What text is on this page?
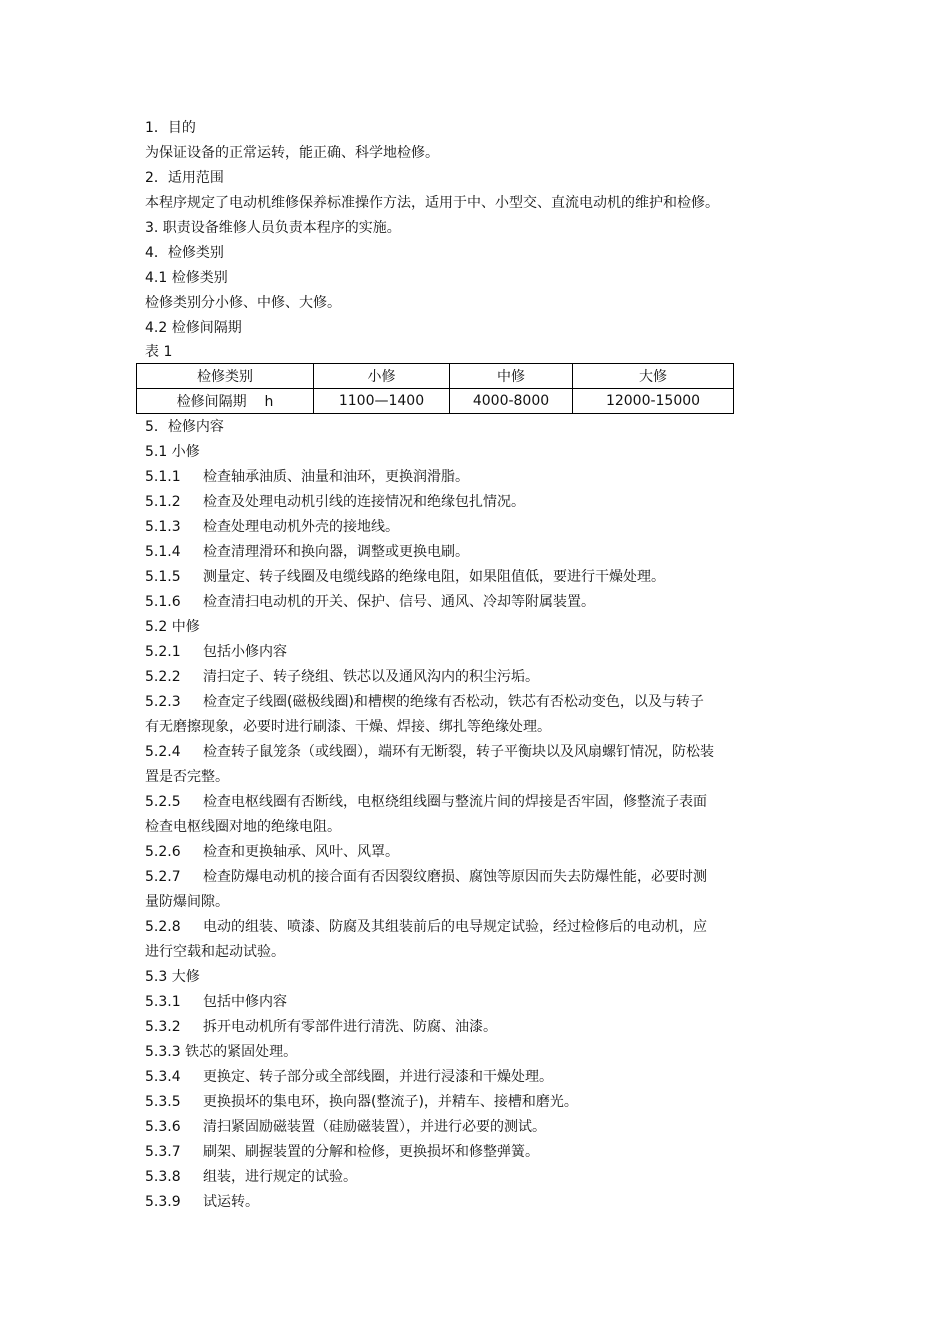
1．目的
为保证设备的正常运转，能正确、科学地检修。
2．适用范围
本程序规定了电动机维修保养标准操作方法，适用于中、小型交、直流电动机的维护和检修。
3. 职责设备维修人员负责本程序的实施。
4．检修类别
4.1 检修类别
检修类别分小修、中修、大修。
4.2 检修间隔期
表 1
检修类别	小修	中修	大修
检修间隔期    h	1100—1400	4000-8000	12000-15000
5．检修内容
5.1 小修
5.1.1 检查轴承油质、油量和油环，更换润滑脂。
5.1.2 检查及处理电动机引线的连接情况和绝缘包扎情况。
5.1.3 检查处理电动机外壳的接地线。
5.1.4 检查清理滑环和换向器，调整或更换电刷。
5.1.5 测量定、转子线圈及电缆线路的绝缘电阻，如果阻值低，要进行干燥处理。
5.1.6 检查清扫电动机的开关、保护、信号、通风、冷却等附属装置。
5.2 中修
5.2.1 包括小修内容
5.2.2 清扫定子、转子绕组、铁芯以及通风沟内的积尘污垢。
5.2.3 检查定子线圈(磁极线圈)和槽楔的绝缘有否松动，铁芯有否松动变色，以及与转子
有无磨擦现象，必要时进行刷漆、干燥、焊接、绑扎等绝缘处理。
5.2.4 检查转子鼠笼条（或线圈），端环有无断裂，转子平衡块以及风扇螺钉情况，防松装
置是否完整。
5.2.5 检查电枢线圈有否断线，电枢绕组线圈与整流片间的焊接是否牢固，修整流子表面
检查电枢线圈对地的绝缘电阻。
5.2.6 检查和更换轴承、风叶、风罩。
5.2.7 检查防爆电动机的接合面有否因裂纹磨损、腐蚀等原因而失去防爆性能，必要时测
量防爆间隙。
5.2.8 电动的组装、喷漆、防腐及其组装前后的电导规定试验，经过检修后的电动机，应
进行空载和起动试验。
5.3 大修
5.3.1 包括中修内容
5.3.2 拆开电动机所有零部件进行清洗、防腐、油漆。
5.3.3 铁芯的紧固处理。
5.3.4 更换定、转子部分或全部线圈，并进行浸漆和干燥处理。
5.3.5 更换损坏的集电环，换向器(整流子)，并精车、接槽和磨光。
5.3.6 清扫紧固励磁装置（硅励磁装置），并进行必要的测试。
5.3.7 刷架、刷握装置的分解和检修，更换损坏和修整弹簧。
5.3.8 组装，进行规定的试验。
5.3.9 试运转。
